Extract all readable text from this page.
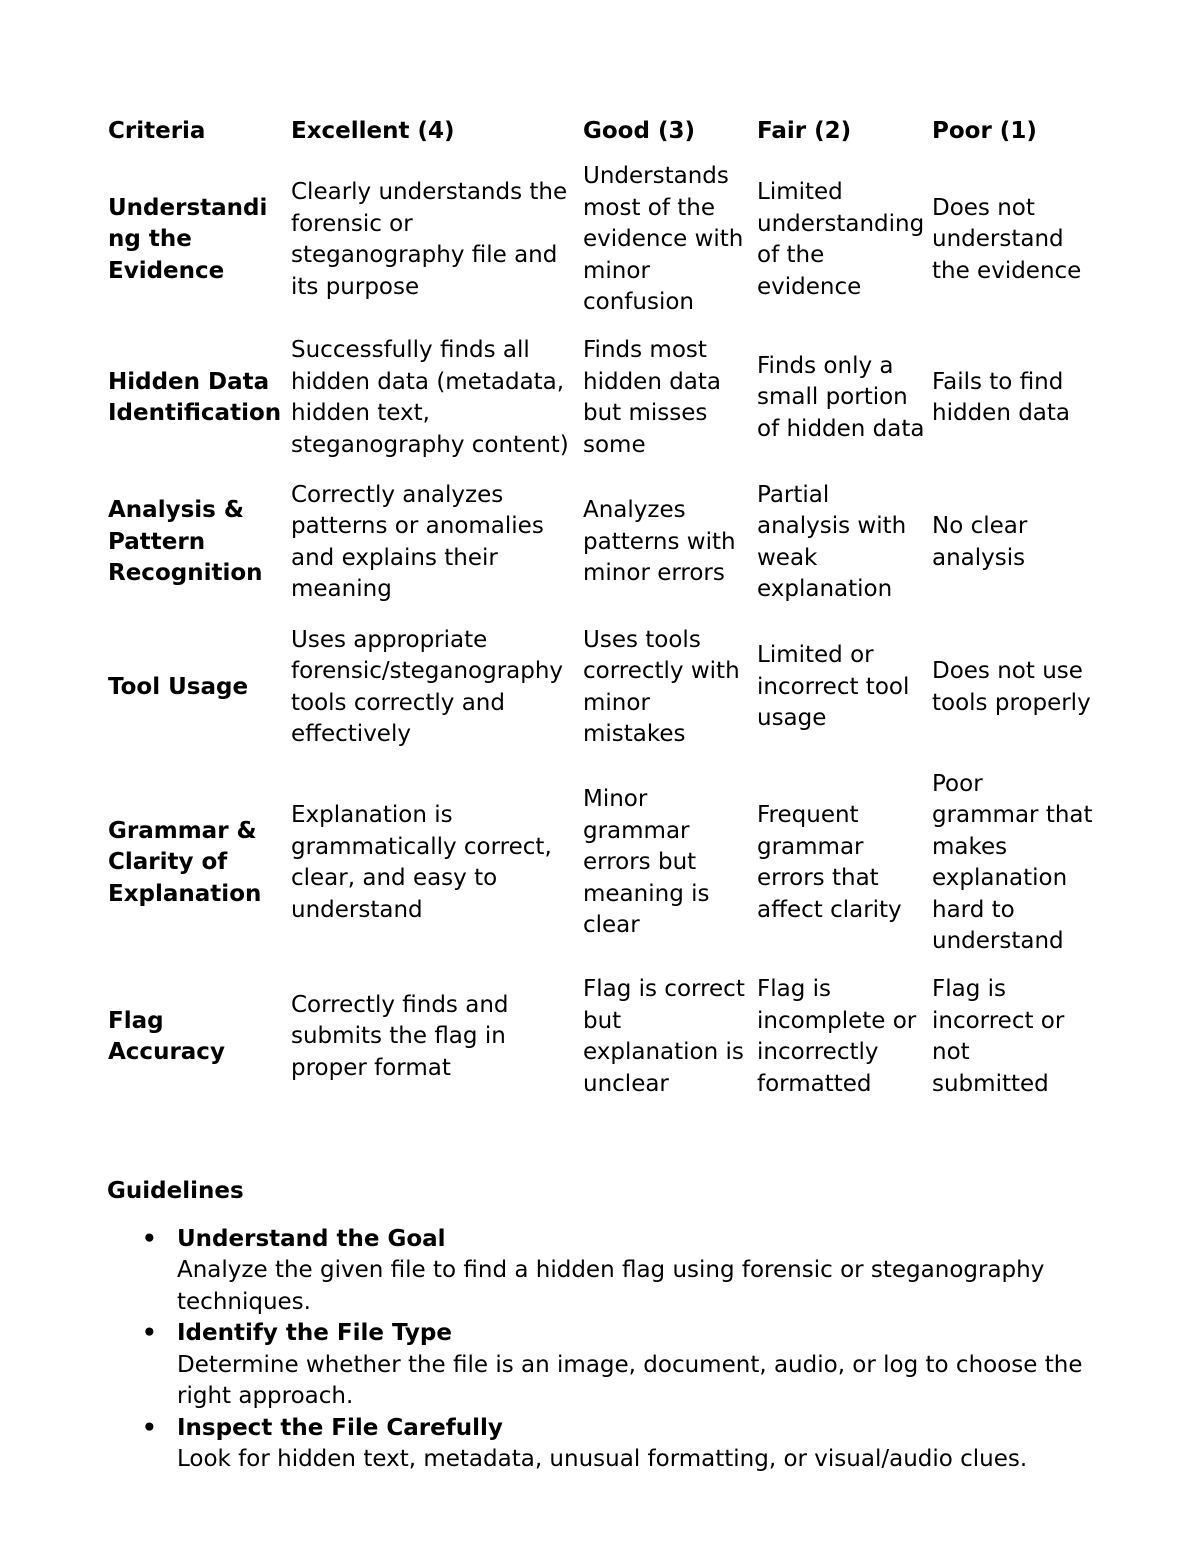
Criteria	Excellent (4)	Good (3)	Fair (2)	Poor (1)
Understandi
ng the
Evidence	Clearly understands the forensic or steganography file and its purpose	Understands most of the evidence with minor confusion	Limited understanding of the evidence	Does not understand the evidence
Hidden Data Identification	Successfully finds all hidden data (metadata, hidden text, steganography content)	Finds most hidden data but misses some	Finds only a small portion of hidden data	Fails to find hidden data
Analysis & Pattern Recognition	Correctly analyzes patterns or anomalies and explains their meaning	Analyzes patterns with minor errors	Partial analysis with weak explanation	No clear analysis
Tool Usage	Uses appropriate forensic/steganography tools correctly and effectively	Uses tools correctly with minor mistakes	Limited or incorrect tool usage	Does not use tools properly
Grammar & Clarity of Explanation	Explanation is grammatically correct, clear, and easy to understand	Minor grammar errors but meaning is clear	Frequent grammar errors that affect clarity	Poor grammar that makes explanation hard to understand
Flag
Accuracy	Correctly finds and submits the flag in proper format	Flag is correct but explanation is unclear	Flag is incomplete or incorrectly formatted	Flag is incorrect or not submitted
Guidelines
• Understand the Goal
Analyze the given file to find a hidden flag using forensic or steganography techniques.
• Identify the File Type
Determine whether the file is an image, document, audio, or log to choose the right approach.
• Inspect the File Carefully
Look for hidden text, metadata, unusual formatting, or visual/audio clues.
